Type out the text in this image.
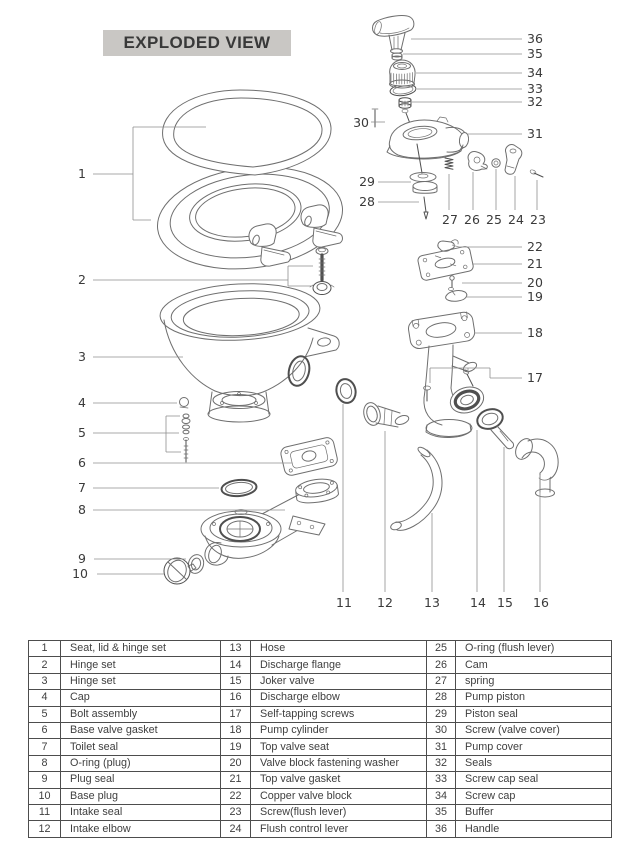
EXPLODED VIEW
1
2
3
4
5
6
7
8
9
10
11 12 13 14 15 16
17
18
19
20
21
22
23
24
25
26
27
28
29
30
31
32
33
34
35
36
1	Seat, lid & hinge set	13	Hose	25	O-ring (flush lever)
2	Hinge set	14	Discharge flange	26	Cam
3	Hinge set	15	Joker valve	27	spring
4	Cap	16	Discharge elbow	28	Pump piston
5	Bolt assembly	17	Self-tapping screws	29	Piston seal
6	Base valve gasket	18	Pump cylinder	30	Screw (valve cover)
7	Toilet seal	19	Top valve seat	31	Pump cover
8	O-ring (plug)	20	Valve block fastening washer	32	Seals
9	Plug seal	21	Top valve gasket	33	Screw cap seal
10	Base plug	22	Copper valve block	34	Screw cap
11	Intake seal	23	Screw(flush lever)	35	Buffer
12	Intake elbow	24	Flush control lever	36	Handle
